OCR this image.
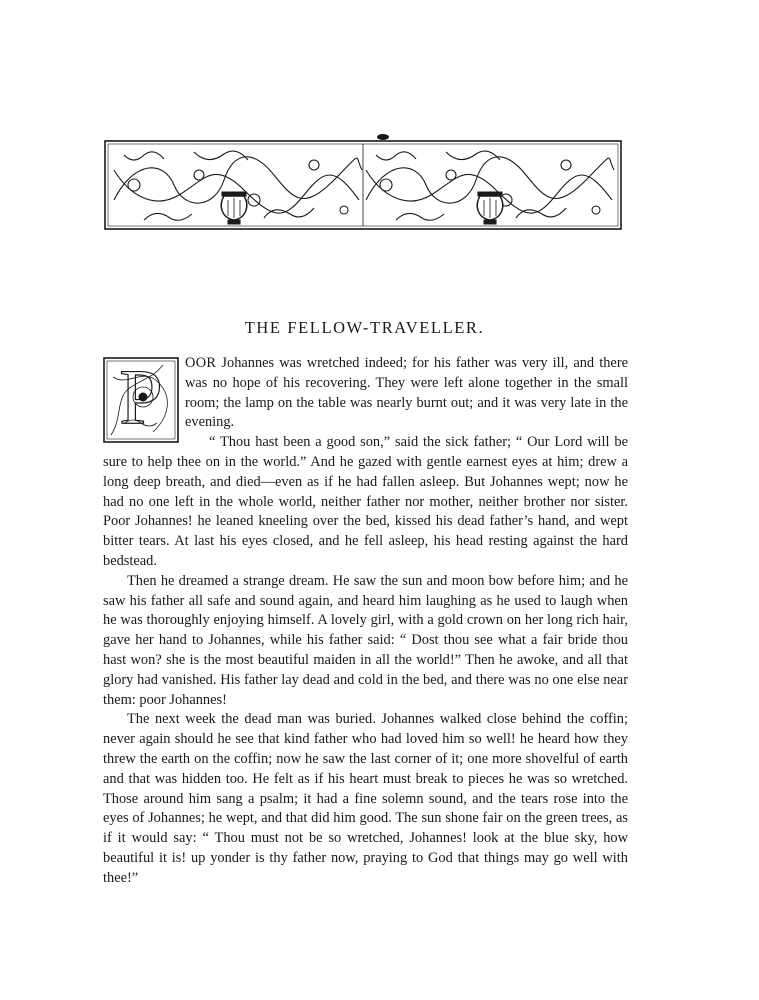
THE FELLOW-TRAVELLER.

P OOR Johannes was wretched indeed; for his father was very ill, and there was no hope of his recovering. They were left alone together in the small room; the lamp on the table was nearly burnt out; and it was very late in the evening.

“ Thou hast been a good son,” said the sick father; “ Our Lord will be sure to help thee on in the world.” And he gazed with gentle earnest eyes at him; drew a long deep breath, and died—even as if he had fallen asleep. But Johannes wept; now he had no one left in the whole world, neither father nor mother, neither brother nor sister. Poor Johannes! he leaned kneeling over the bed, kissed his dead father’s hand, and wept bitter tears. At last his eyes closed, and he fell asleep, his head resting against the hard bedstead.

Then he dreamed a strange dream. He saw the sun and moon bow before him; and he saw his father all safe and sound again, and heard him laughing as he used to laugh when he was thoroughly enjoying himself. A lovely girl, with a gold crown on her long rich hair, gave her hand to Johannes, while his father said: “ Dost thou see what a fair bride thou hast won? she is the most beautiful maiden in all the world!” Then he awoke, and all that glory had vanished. His father lay dead and cold in the bed, and there was no one else near them: poor Johannes!

The next week the dead man was buried. Johannes walked close behind the coffin; never again should he see that kind father who had loved him so well! he heard how they threw the earth on the coffin; now he saw the last corner of it; one more shovelful of earth and that was hidden too. He felt as if his heart must break to pieces he was so wretched. Those around him sang a psalm; it had a fine solemn sound, and the tears rose into the eyes of Johannes; he wept, and that did him good. The sun shone fair on the green trees, as if it would say: “ Thou must not be so wretched, Johannes! look at the blue sky, how beautiful it is! up yonder is thy father now, praying to God that things may go well with thee!”
